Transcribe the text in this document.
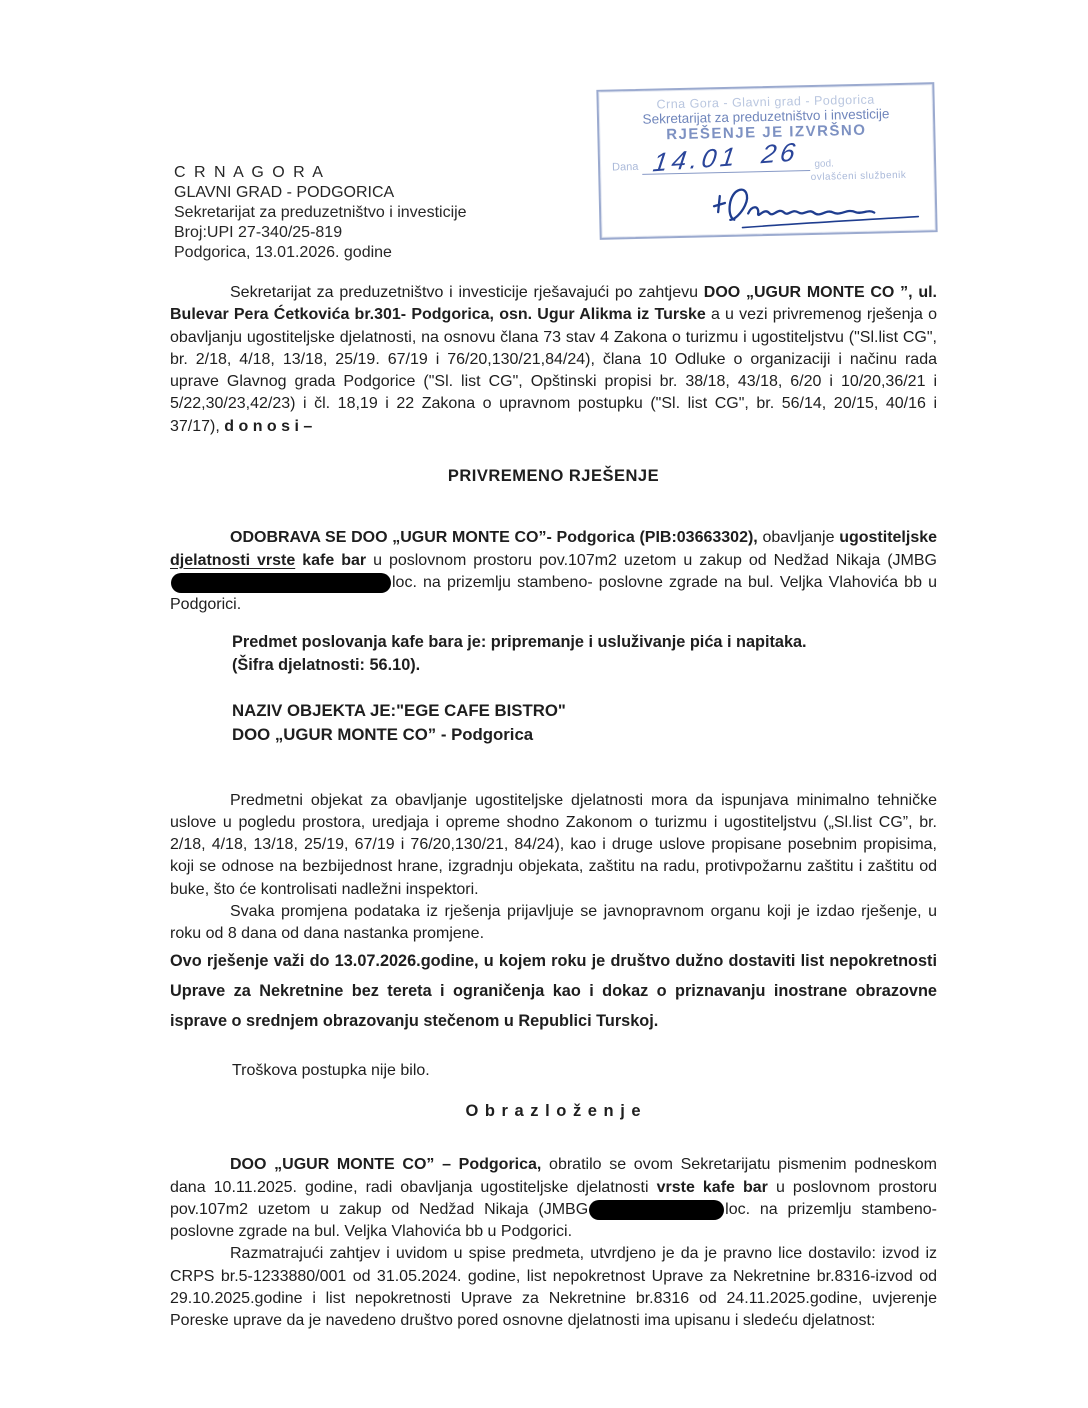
Crna Gora - Glavni grad - Podgorica
Sekretarijat za preduzetništvo i investicije
RJEŠENJE JE IZVRŠNO
Dana 14.01  26	god.
ovlašćeni službenik
C R N A G O R A
GLAVNI GRAD - PODGORICA
Sekretarijat za preduzetništvo i investicije
Broj:UPI 27-340/25-819
Podgorica, 13.01.2026. godine

Sekretarijat za preduzetništvo i investicije rješavajući po zahtjevu DOO „UGUR MONTE CO ”, ul. Bulevar Pera Ćetkovića br.301- Podgorica, osn. Ugur Alikma iz Turske a u vezi privremenog rješenja o obavljanju ugostiteljske djelatnosti, na osnovu člana 73 stav 4 Zakona o turizmu i ugostiteljstvu ("Sl.list CG", br. 2/18, 4/18, 13/18, 25/19. 67/19 i 76/20,130/21,84/24), člana 10 Odluke o organizaciji i načinu rada uprave Glavnog grada Podgorice ("Sl. list CG", Opštinski propisi br. 38/18, 43/18, 6/20 i 10/20,36/21 i 5/22,30/23,42/23) i čl. 18,19 i 22 Zakona o upravnom postupku ("Sl. list CG", br. 56/14, 20/15, 40/16 i 37/17), d o n o s i –

PRIVREMENO RJEŠENJE

ODOBRAVA SE DOO „UGUR MONTE CO”- Podgorica (PIB:03663302), obavljanje ugostiteljske djelatnosti vrste kafe bar u poslovnom prostoru pov.107m2 uzetom u zakup od Nedžad Nikaja (JMBGloc. na prizemlju stambeno- poslovne zgrade na bul. Veljka Vlahovića bb u Podgorici.

Predmet poslovanja kafe bara je: pripremanje i usluživanje pića i napitaka.
(Šifra djelatnosti: 56.10).

NAZIV OBJEKTA JE:"EGE CAFE BISTRO"
DOO „UGUR MONTE CO” - Podgorica

Predmetni objekat za obavljanje ugostiteljske djelatnosti mora da ispunjava minimalno tehničke uslove u pogledu prostora, uredjaja i opreme shodno Zakonom o turizmu i ugostiteljstvu („Sl.list CG”, br. 2/18, 4/18, 13/18, 25/19, 67/19 i 76/20,130/21, 84/24), kao i druge uslove propisane posebnim propisima, koji se odnose na bezbijednost hrane, izgradnju objekata, zaštitu na radu, protivpožarnu zaštitu i zaštitu od buke, što će kontrolisati nadležni inspektori.

Svaka promjena podataka iz rješenja prijavljuje se javnopravnom organu koji je izdao rješenje, u roku od 8 dana od dana nastanka promjene.

Ovo rješenje važi do 13.07.2026.godine, u kojem roku je društvo dužno dostaviti list nepokretnosti Uprave za Nekretnine bez tereta i ograničenja kao i dokaz o priznavanju inostrane obrazovne isprave o srednjem obrazovanju stečenom u Republici Turskoj.

Troškova postupka nije bilo.

O b r a z l o ž e n j e

DOO „UGUR MONTE CO” – Podgorica, obratilo se ovom Sekretarijatu pismenim podneskom dana 10.11.2025. godine, radi obavljanja ugostiteljske djelatnosti vrste kafe bar u poslovnom prostoru pov.107m2 uzetom u zakup od Nedžad Nikaja (JMBG	loc. na prizemlju stambeno- poslovne zgrade na bul. Veljka Vlahovića bb u Podgorici.

Razmatrajući zahtjev i uvidom u spise predmeta, utvrdjeno je da je pravno lice dostavilo: izvod iz CRPS br.5-1233880/001 od 31.05.2024. godine, list nepokretnost Uprave za Nekretnine br.8316-izvod od 29.10.2025.godine i list nepokretnosti Uprave za Nekretnine br.8316 od 24.11.2025.godine, uvjerenje Poreske uprave da je navedeno društvo pored osnovne djelatnosti ima upisanu i sledeću djelatnost:
